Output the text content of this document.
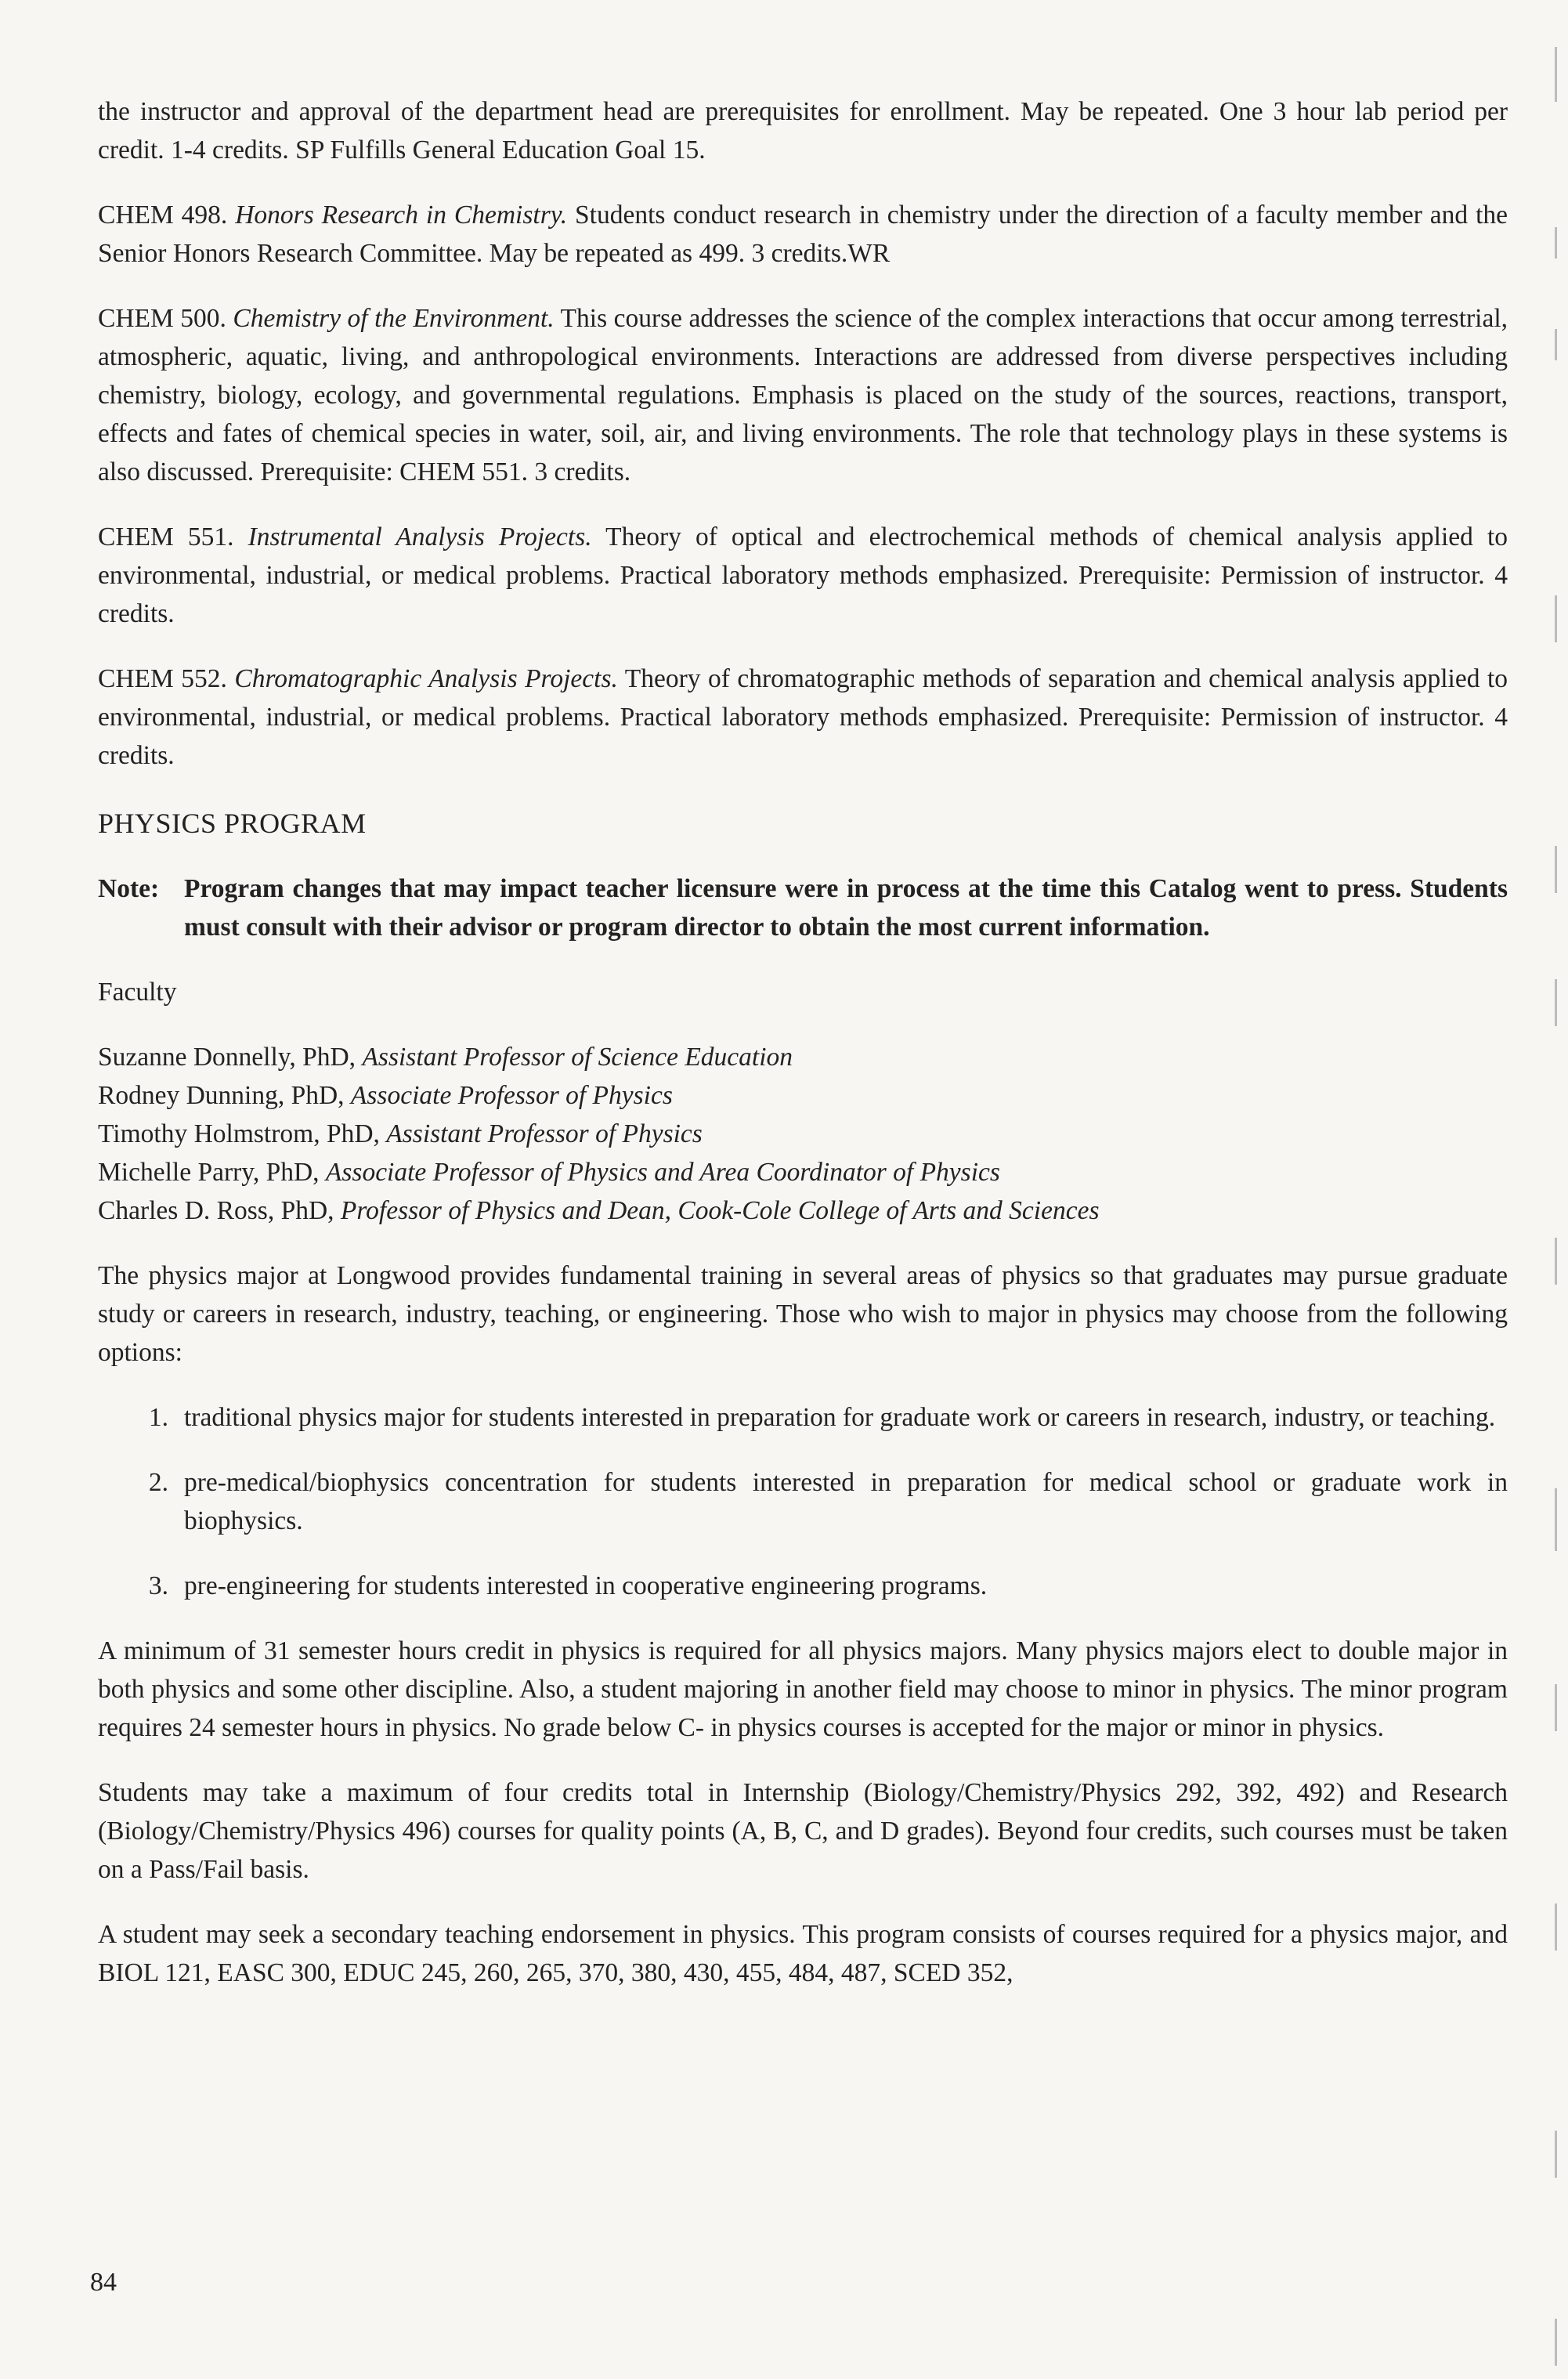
the instructor and approval of the department head are prerequisites for enrollment. May be repeated. One 3 hour lab period per credit. 1-4 credits. SP Fulfills General Education Goal 15.

CHEM 498. Honors Research in Chemistry. Students conduct research in chemistry under the direction of a faculty member and the Senior Honors Research Committee. May be repeated as 499. 3 credits.WR

CHEM 500. Chemistry of the Environment. This course addresses the science of the complex interactions that occur among terrestrial, atmospheric, aquatic, living, and anthropological environments. Interactions are addressed from diverse perspectives including chemistry, biology, ecology, and governmental regulations. Emphasis is placed on the study of the sources, reactions, transport, effects and fates of chemical species in water, soil, air, and living environments. The role that technology plays in these systems is also discussed. Prerequisite: CHEM 551. 3 credits.

CHEM 551. Instrumental Analysis Projects. Theory of optical and electrochemical methods of chemical analysis applied to environmental, industrial, or medical problems. Practical laboratory methods emphasized. Prerequisite: Permission of instructor. 4 credits.

CHEM 552. Chromatographic Analysis Projects. Theory of chromatographic methods of separation and chemical analysis applied to environmental, industrial, or medical problems. Practical laboratory methods emphasized. Prerequisite: Permission of instructor. 4 credits.

PHYSICS PROGRAM
Note: Program changes that may impact teacher licensure were in process at the time this Catalog went to press. Students must consult with their advisor or program director to obtain the most current information.
Faculty
Suzanne Donnelly, PhD, Assistant Professor of Science Education
Rodney Dunning, PhD, Associate Professor of Physics
Timothy Holmstrom, PhD, Assistant Professor of Physics
Michelle Parry, PhD, Associate Professor of Physics and Area Coordinator of Physics
Charles D. Ross, PhD, Professor of Physics and Dean, Cook-Cole College of Arts and Sciences

The physics major at Longwood provides fundamental training in several areas of physics so that graduates may pursue graduate study or careers in research, industry, teaching, or engineering. Those who wish to major in physics may choose from the following options:

1. traditional physics major for students interested in preparation for graduate work or careers in research, industry, or teaching.
2. pre-medical/biophysics concentration for students interested in preparation for medical school or graduate work in biophysics.
3. pre-engineering for students interested in cooperative engineering programs.

A minimum of 31 semester hours credit in physics is required for all physics majors. Many physics majors elect to double major in both physics and some other discipline. Also, a student majoring in another field may choose to minor in physics. The minor program requires 24 semester hours in physics. No grade below C- in physics courses is accepted for the major or minor in physics.

Students may take a maximum of four credits total in Internship (Biology/Chemistry/Physics 292, 392, 492) and Research (Biology/Chemistry/Physics 496) courses for quality points (A, B, C, and D grades). Beyond four credits, such courses must be taken on a Pass/Fail basis.

A student may seek a secondary teaching endorsement in physics. This program consists of courses required for a physics major, and BIOL 121, EASC 300, EDUC 245, 260, 265, 370, 380, 430, 455, 484, 487, SCED 352,

84
